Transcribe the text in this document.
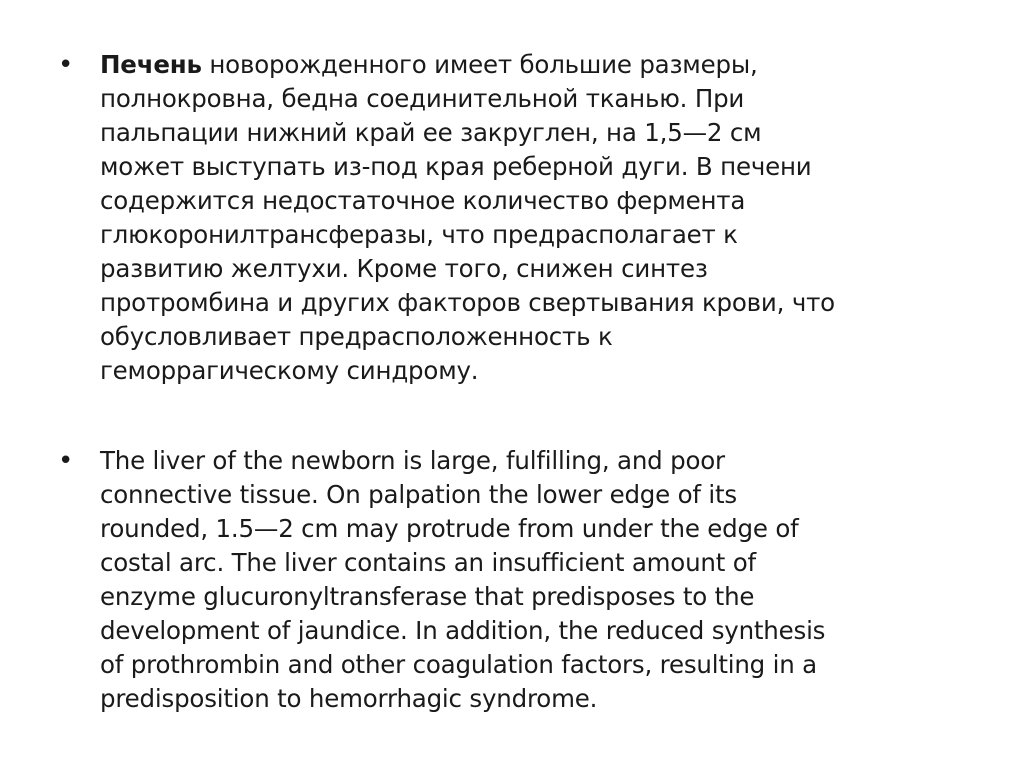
• Печень новорожденного имеет большие размеры,
полнокровна, бедна соединительной тканью. При
пальпации нижний край ее закруглен, на 1,5—2 см
может выступать из-под края реберной дуги. В печени
содержится недостаточное количество фермента
глюкоронилтрансферазы, что предрасполагает к
развитию желтухи. Кроме того, снижен синтез
протромбина и других факторов свертывания крови, что
обусловливает предрасположенность к
геморрагическому синдрому.
• The liver of the newborn is large, fulfilling, and poor
connective tissue. On palpation the lower edge of its
rounded, 1.5—2 cm may protrude from under the edge of
costal arc. The liver contains an insufficient amount of
enzyme glucuronyltransferase that predisposes to the
development of jaundice. In addition, the reduced synthesis
of prothrombin and other coagulation factors, resulting in a
predisposition to hemorrhagic syndrome.
